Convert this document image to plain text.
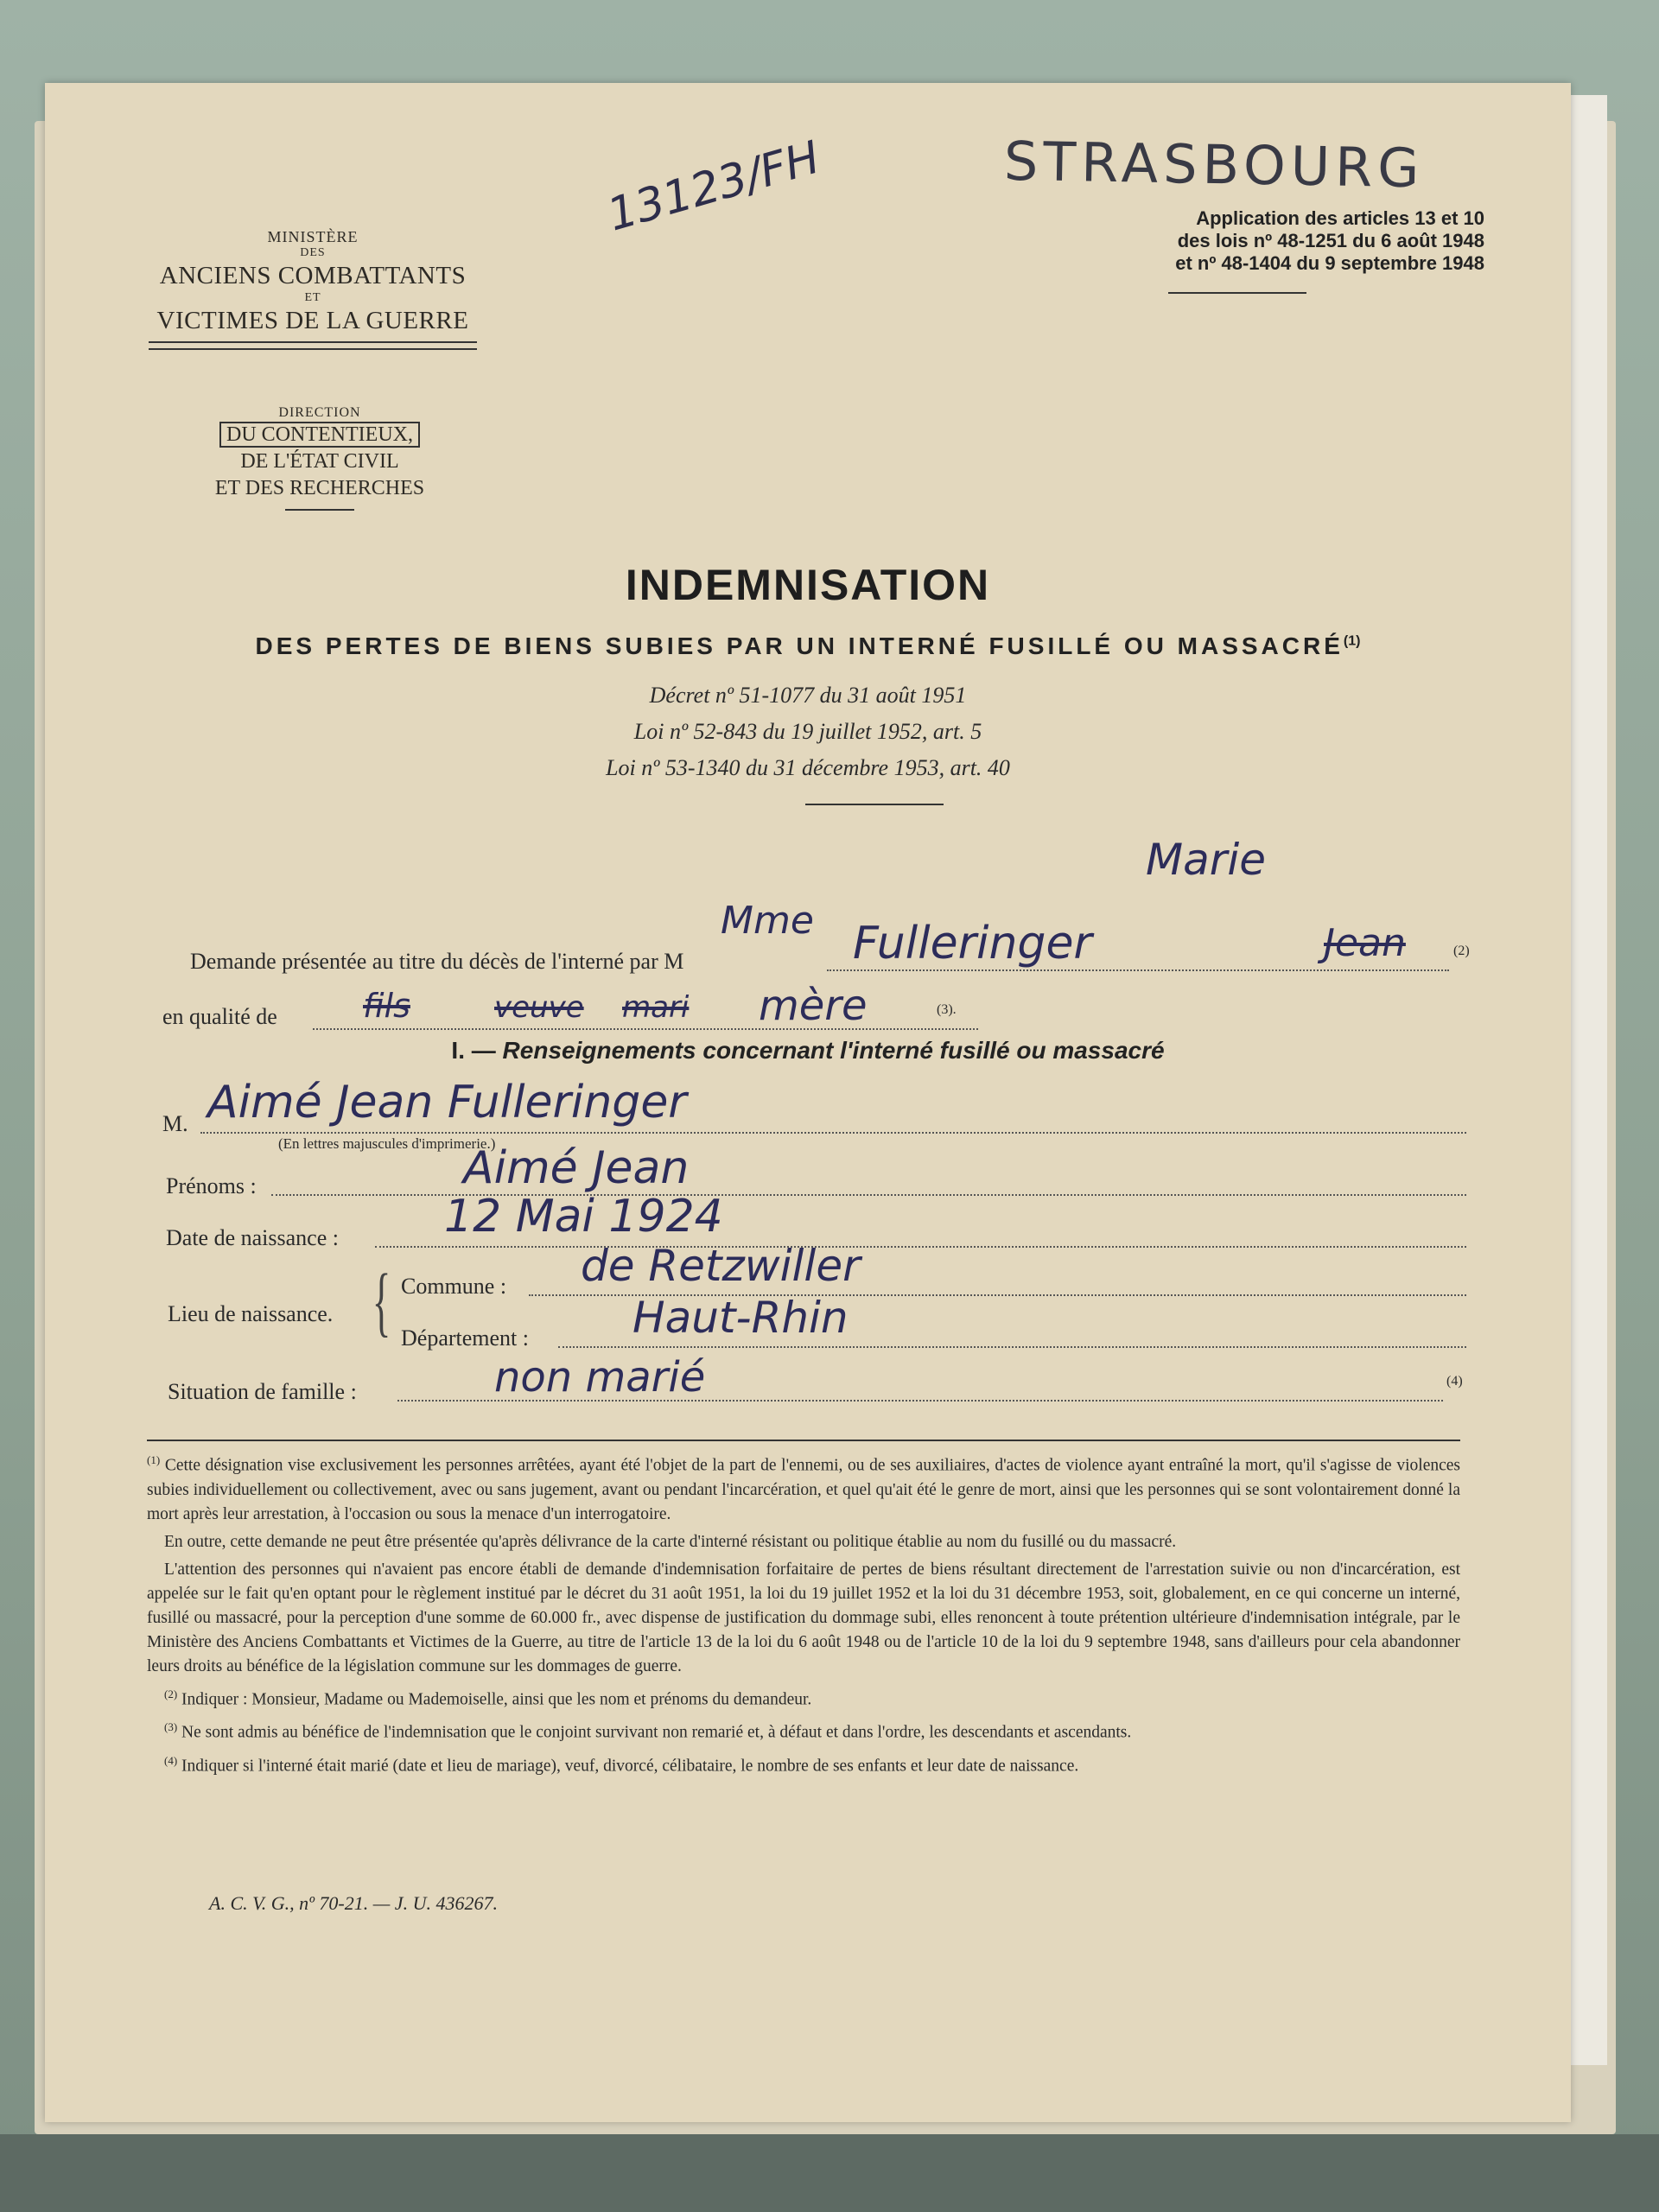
STRASBOURG
13123/FH
MINISTÈRE
DES
ANCIENS COMBATTANTS
ET
VICTIMES DE LA GUERRE
DIRECTION
DU CONTENTIEUX,
DE L'ÉTAT CIVIL
ET DES RECHERCHES
Application des articles 13 et 10
des lois nº 48-1251 du 6 août 1948
et nº 48-1404 du 9 septembre 1948
INDEMNISATION
DES PERTES DE BIENS SUBIES PAR UN INTERNÉ FUSILLÉ OU MASSACRÉ$^{(1)}$
Décret nº 51-1077 du 31 août 1951
Loi nº 52-843 du 19 juillet 1952, art. 5
Loi nº 53-1340 du 31 décembre 1953, art. 40
Marie
Demande présentée au titre du décès de l'interné par M
Mme Fulleringer	Jean	(2)
en qualité de	fils	veuve mari mère	(3).
I. — Renseignements concernant l'interné fusillé ou massacré
M. Aimé Jean Fulleringer
(En lettres majuscules d'imprimerie.)
Prénoms :	Aimé Jean
Date de naissance : 12 Mai 1924
Lieu de naissance. { Commune : de Retzwiller
Département : Haut-Rhin
Situation de famille :	non marié	(4)

$^{(1)}$ Cette désignation vise exclusivement les personnes arrêtées, ayant été l'objet de la part de l'ennemi, ou de ses auxiliaires, d'actes de violence ayant entraîné la mort, qu'il s'agisse de violences subies individuellement ou collectivement, avec ou sans jugement, avant ou pendant l'incarcération, et quel qu'ait été le genre de mort, ainsi que les personnes qui se sont volontairement donné la mort après leur arrestation, à l'occasion ou sous la menace d'un interrogatoire.

En outre, cette demande ne peut être présentée qu'après délivrance de la carte d'interné résistant ou politique établie au nom du fusillé ou du massacré.

L'attention des personnes qui n'avaient pas encore établi de demande d'indemnisation forfaitaire de pertes de biens résultant directement de l'arrestation suivie ou non d'incarcération, est appelée sur le fait qu'en optant pour le règlement institué par le décret du 31 août 1951, la loi du 19 juillet 1952 et la loi du 31 décembre 1953, soit, globalement, en ce qui concerne un interné, fusillé ou massacré, pour la perception d'une somme de 60.000 fr., avec dispense de justification du dommage subi, elles renoncent à toute prétention ultérieure d'indemnisation intégrale, par le Ministère des Anciens Combattants et Victimes de la Guerre, au titre de l'article 13 de la loi du 6 août 1948 ou de l'article 10 de la loi du 9 septembre 1948, sans d'ailleurs pour cela abandonner leurs droits au bénéfice de la législation commune sur les dommages de guerre.

$^{(2)}$ Indiquer : Monsieur, Madame ou Mademoiselle, ainsi que les nom et prénoms du demandeur.

$^{(3)}$ Ne sont admis au bénéfice de l'indemnisation que le conjoint survivant non remarié et, à défaut et dans l'ordre, les descendants et ascendants.

$^{(4)}$ Indiquer si l'interné était marié (date et lieu de mariage), veuf, divorcé, célibataire, le nombre de ses enfants et leur date de naissance.

A. C. V. G., nº 70-21. — J. U. 436267.
